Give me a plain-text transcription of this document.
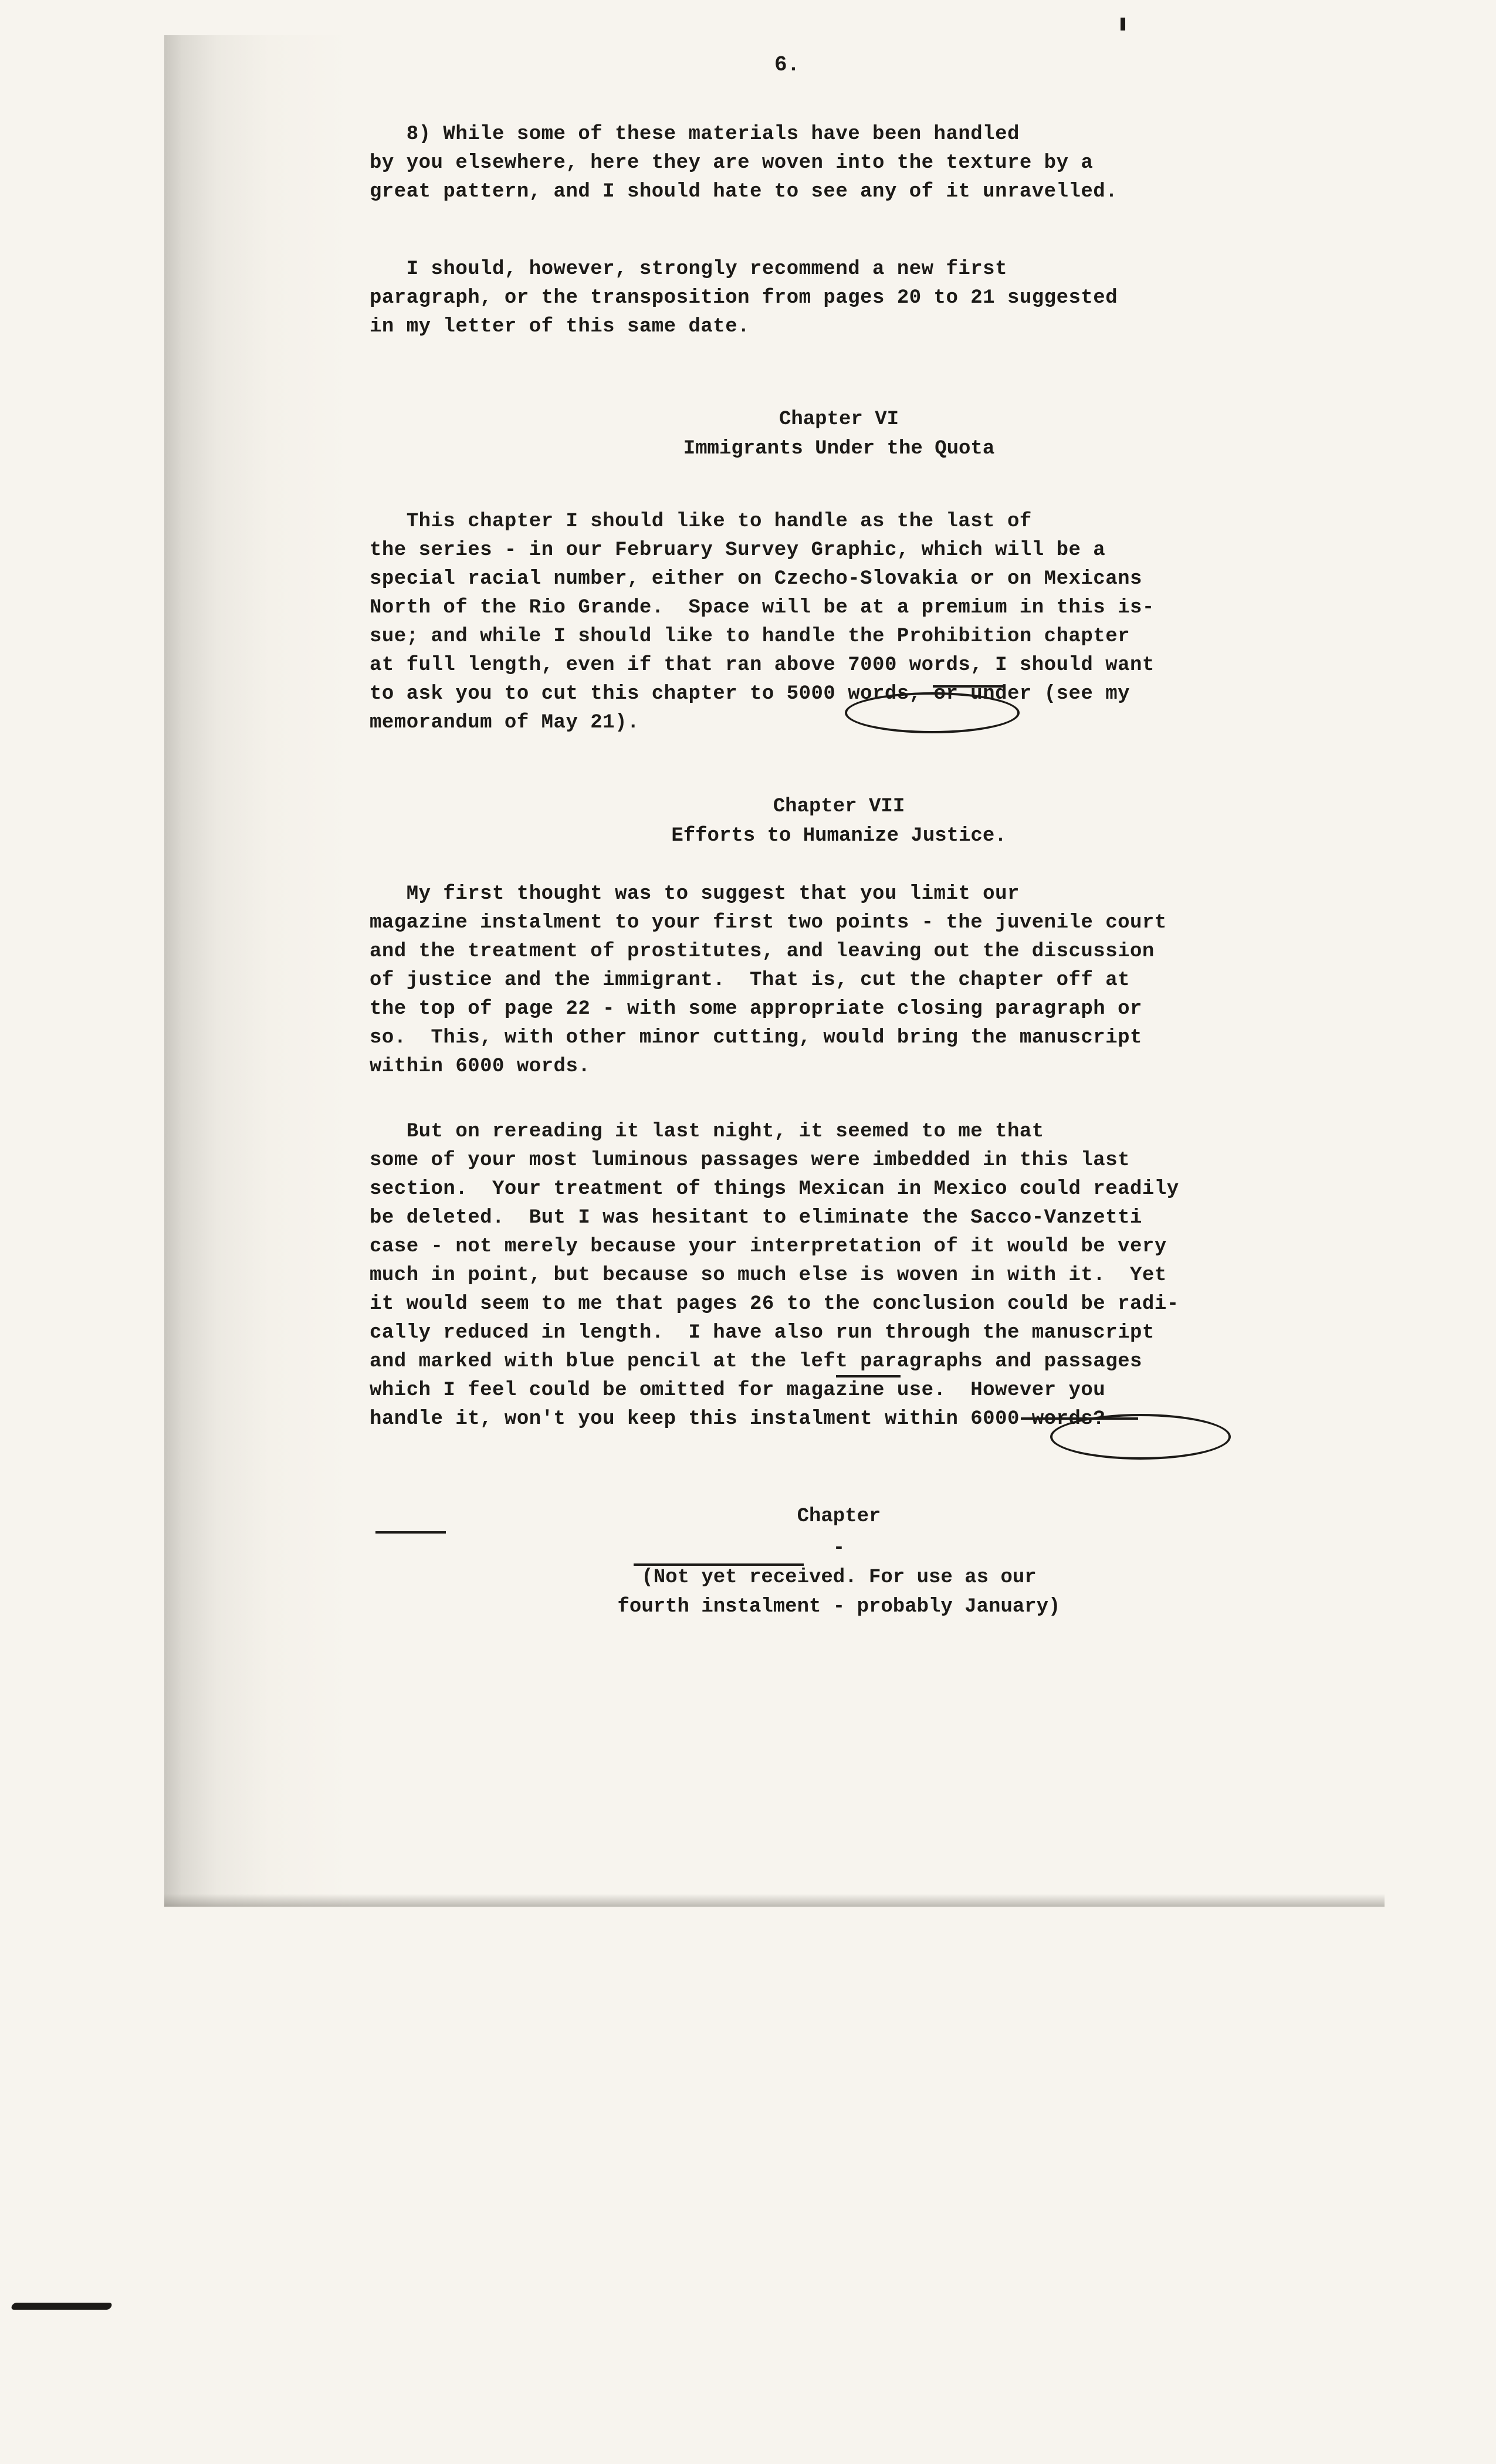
6.
8) While some of these materials have been handled
by you elsewhere, here they are woven into the texture by a
great pattern, and I should hate to see any of it unravelled.
I should, however, strongly recommend a new first
paragraph, or the transposition from pages 20 to 21 suggested
in my letter of this same date.
Chapter VI
Immigrants Under the Quota
This chapter I should like to handle as the last of
the series - in our February Survey Graphic, which will be a
special racial number, either on Czecho-Slovakia or on Mexicans
North of the Rio Grande.  Space will be at a premium in this is-
sue; and while I should like to handle the Prohibition chapter
at full length, even if that ran above 7000 words, I should want
to ask you to cut this chapter to 5000 words, or under (see my
memorandum of May 21).
Chapter VII
Efforts to Humanize Justice.
My first thought was to suggest that you limit our
magazine instalment to your first two points - the juvenile court
and the treatment of prostitutes, and leaving out the discussion
of justice and the immigrant.  That is, cut the chapter off at
the top of page 22 - with some appropriate closing paragraph or
so.  This, with other minor cutting, would bring the manuscript
within 6000 words.
But on rereading it last night, it seemed to me that
some of your most luminous passages were imbedded in this last
section.  Your treatment of things Mexican in Mexico could readily
be deleted.  But I was hesitant to eliminate the Sacco-Vanzetti
case - not merely because your interpretation of it would be very
much in point, but because so much else is woven in with it.  Yet
it would seem to me that pages 26 to the conclusion could be radi-
cally reduced in length.  I have also run through the manuscript
and marked with blue pencil at the left paragraphs and passages
which I feel could be omitted for magazine use.  However you
handle it, won't you keep this instalment within 6000 words?
Chapter
-
(Not yet received. For use as our
fourth instalment - probably January)
